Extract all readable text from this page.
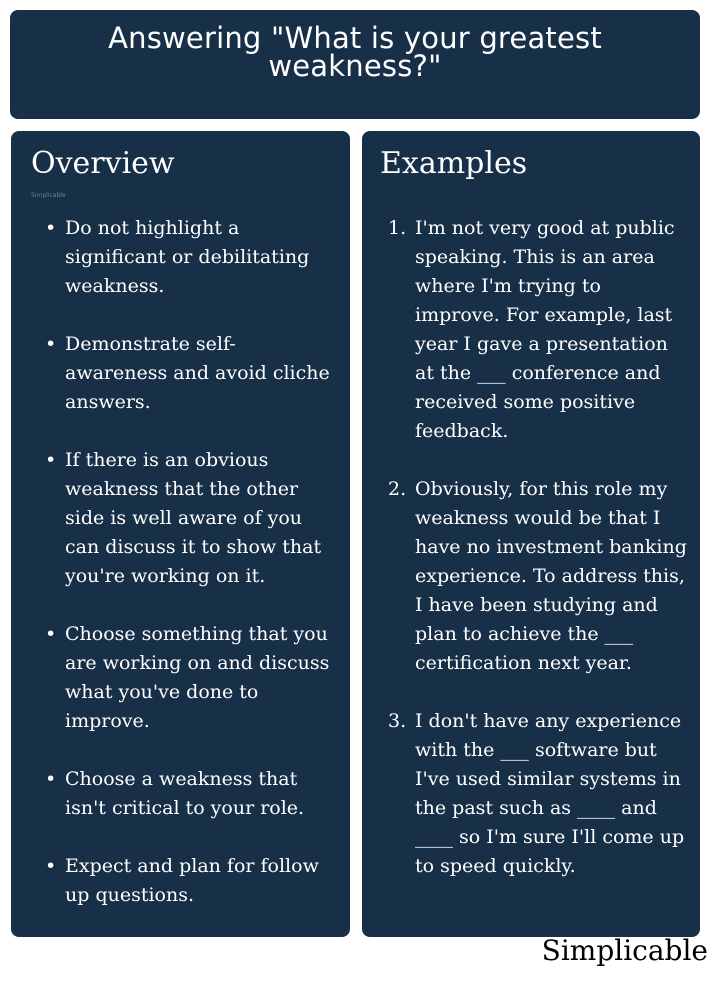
Answering "What is your greatest
weakness?"
Overview
Simplicable
• Do not highlight a significant or debilitating weakness.
• Demonstrate self-awareness and avoid cliche answers.
• If there is an obvious weakness that the other side is well aware of you can discuss it to show that you're working on it.
• Choose something that you are working on and discuss what you've done to improve.
• Choose a weakness that isn't critical to your role.
• Expect and plan for follow up questions.
Examples
1. I'm not very good at public speaking. This is an area where I'm trying to improve. For example, last year I gave a presentation at the ___ conference and received some positive feedback.
2. Obviously, for this role my weakness would be that I have no investment banking experience. To address this, I have been studying and plan to achieve the ___ certification next year.
3. I don't have any experience with the ___ software but I've used similar systems in the past such as ____ and ____ so I'm sure I'll come up to speed quickly.
Simplicable
